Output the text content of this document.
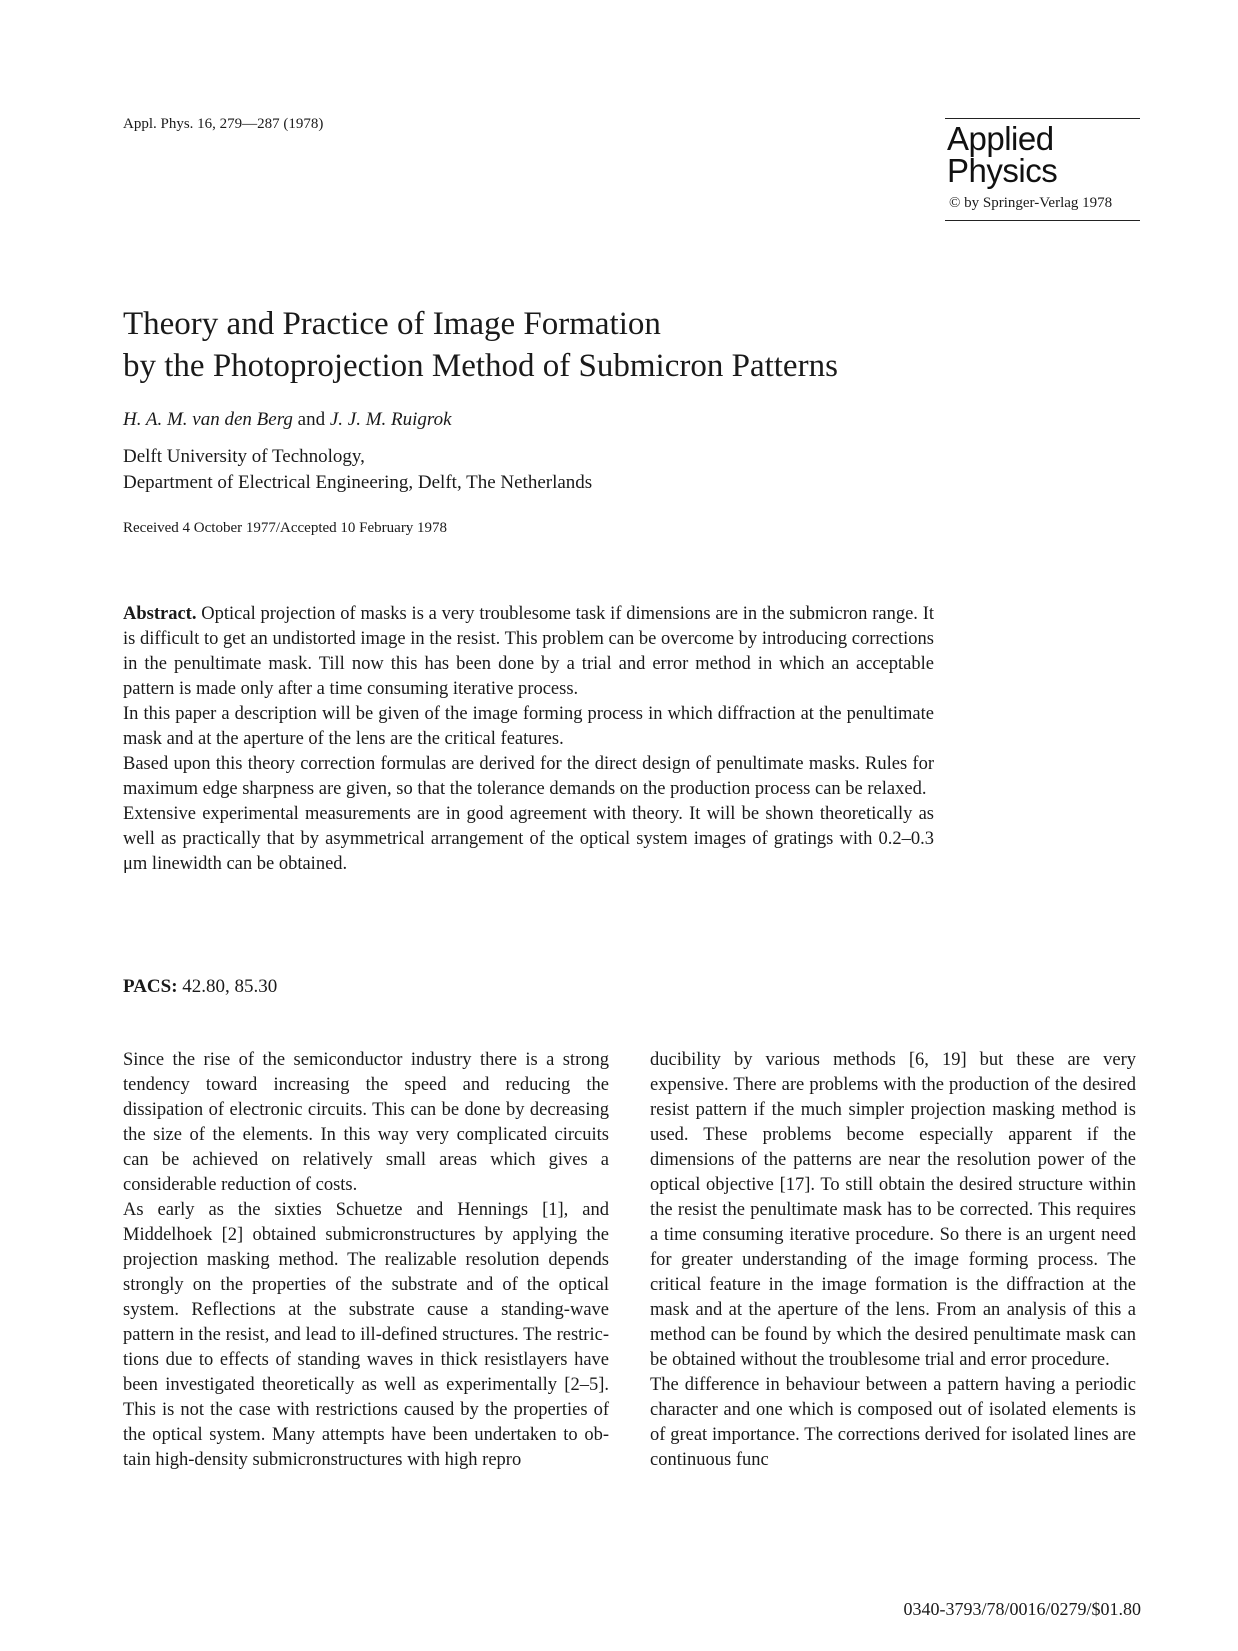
Appl. Phys. 16, 279—287 (1978)	Applied
Physics
© by Springer-Verlag 1978
Theory and Practice of Image Formation
by the Photoprojection Method of Submicron Patterns
H. A. M. van den Berg and J. J. M. Ruigrok
Delft University of Technology,
Department of Electrical Engineering, Delft, The Netherlands
Received 4 October 1977/Accepted 10 February 1978

Abstract. Optical projection of masks is a very troublesome task if dimensions are in the submicron range. It is difficult to get an undistorted image in the resist. This problem can be overcome by introducing corrections in the penultimate mask. Till now this has been done by a trial and error method in which an acceptable pattern is made only after a time consuming iterative process.

In this paper a description will be given of the image forming process in which diffraction at the penultimate mask and at the aperture of the lens are the critical features.

Based upon this theory correction formulas are derived for the direct design of penultimate masks. Rules for maximum edge sharpness are given, so that the tolerance demands on the production process can be relaxed.

Extensive experimental measurements are in good agreement with theory. It will be shown theoretically as well as practically that by asymmetrical arrangement of the optical system images of gratings with 0.2–0.3 μm linewidth can be obtained.

PACS: 42.80, 85.30

Since the rise of the semiconductor industry there is a strong tendency toward increasing the speed and reducing the dissipation of electronic circuits. This can be done by decreasing the size of the elements. In this way very complicated circuits can be achieved on relatively small areas which gives a considerable reduction of costs.

As early as the sixties Schuetze and Hennings [1], and Middelhoek [2] obtained submicronstructures by applying the projection masking method. The realizable resolution depends strongly on the properties of the substrate and of the optical system. Reflections at the substrate cause a standing-wave pattern in the resist, and lead to ill-defined structures. The restrictions due to effects of standing waves in thick resistlayers have been investigated theoretically as well as experimentally [2–5]. This is not the case with restrictions caused by the properties of the optical system. Many attempts have been undertaken to obtain high-density submicronstructures with high repro

ducibility by various methods [6, 19] but these are very expensive. There are problems with the production of the desired resist pattern if the much simpler projection masking method is used. These problems become especially apparent if the dimensions of the patterns are near the resolution power of the optical objective [17]. To still obtain the desired structure within the resist the penultimate mask has to be corrected. This requires a time consuming iterative procedure. So there is an urgent need for greater understanding of the image forming process. The critical feature in the image formation is the diffraction at the mask and at the aperture of the lens. From an analysis of this a method can be found by which the desired penultimate mask can be obtained without the troublesome trial and error procedure.

The difference in behaviour between a pattern having a periodic character and one which is composed out of isolated elements is of great importance. The corrections derived for isolated lines are continuous func

0340-3793/78/0016/0279/$01.80
